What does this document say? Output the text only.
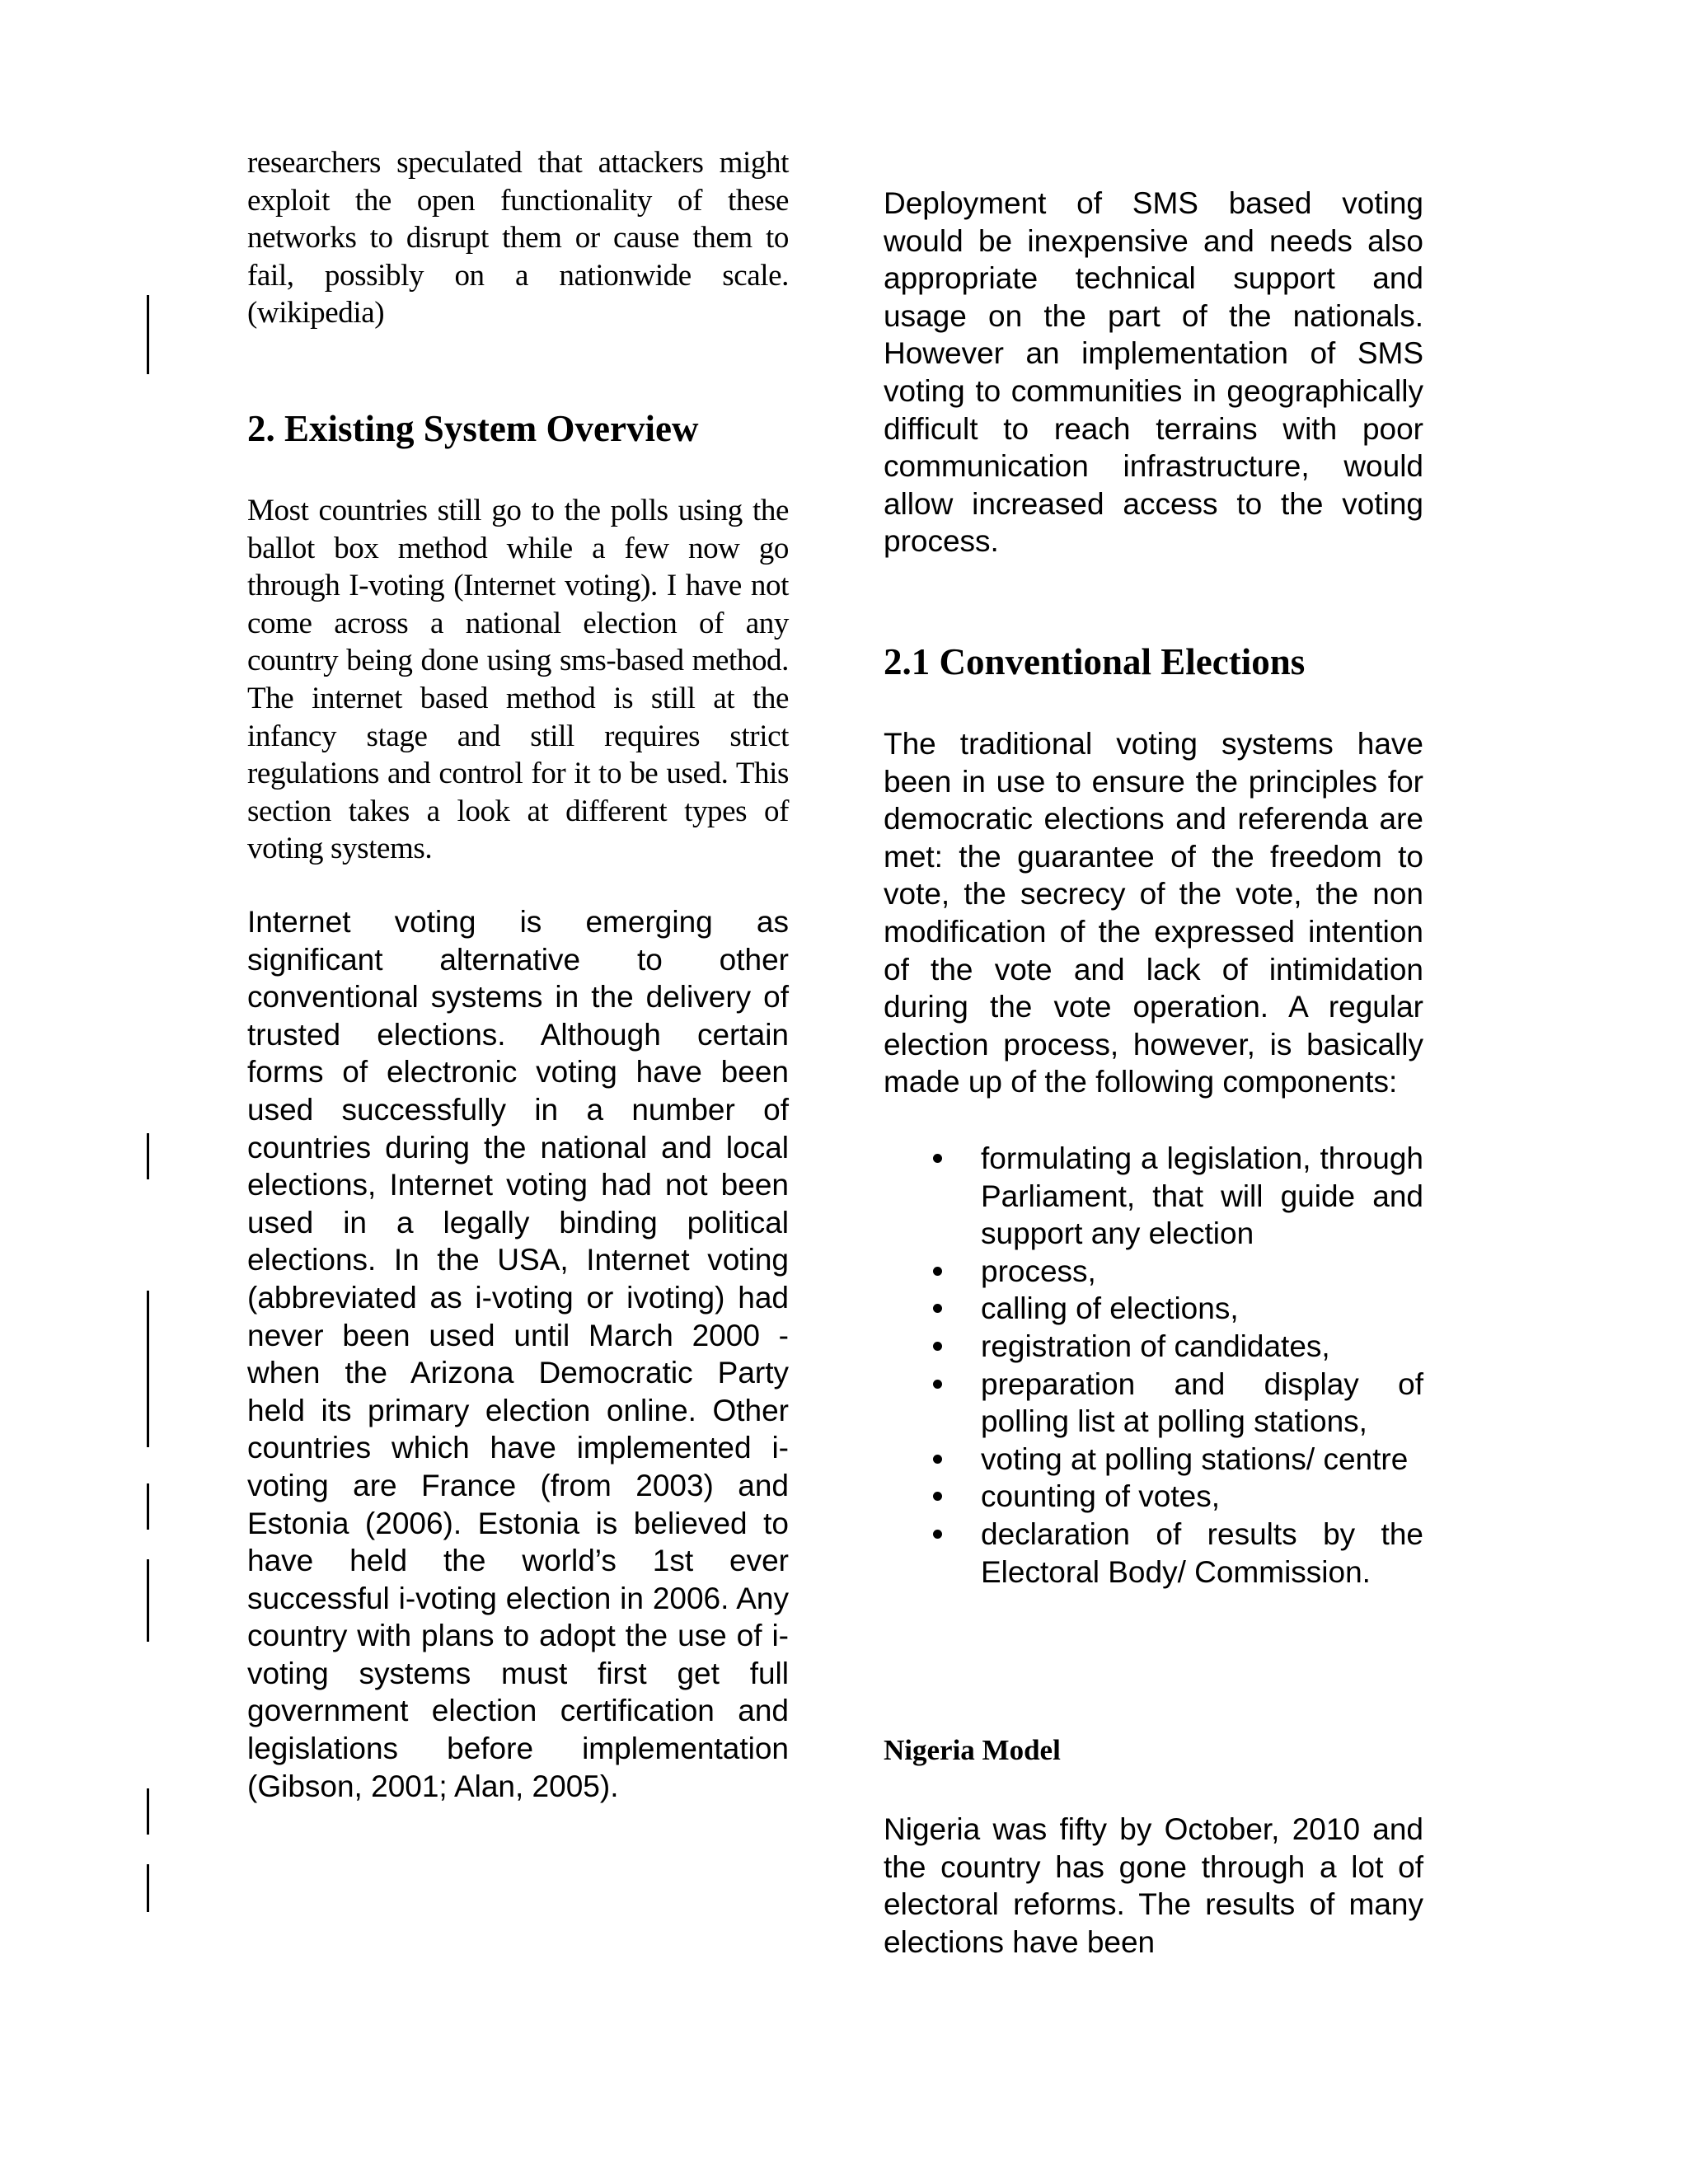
researchers speculated that attackers might exploit the open functionality of these networks to disrupt them or cause them to fail, possibly on a nationwide scale. (wikipedia)

2. Existing System Overview

Most countries still go to the polls using the ballot box method while a few now go through I-voting (Internet voting). I have not come across a national election of any country being done using sms-based method. The internet based method is still at the infancy stage and still requires strict regulations and control for it to be used. This section takes a look at different types of voting systems.

Internet voting is emerging as significant alternative to other conventional systems in the delivery of trusted elections. Although certain forms of electronic voting have been used successfully in a number of countries during the national and local elections, Internet voting had not been used in a legally binding political elections. In the USA, Internet voting (abbreviated as i-voting or ivoting) had never been used until March 2000 - when the Arizona Democratic Party held its primary election online. Other countries which have implemented i-voting are France (from 2003) and Estonia (2006). Estonia is believed to have held the world’s 1st ever successful i-voting election in 2006. Any country with plans to adopt the use of i-voting systems must first get full government election certification and legislations before implementation (Gibson, 2001; Alan, 2005).

Deployment of SMS based voting would be inexpensive and needs also appropriate technical support and usage on the part of the nationals. However an implementation of SMS voting to communities in geographically difficult to reach terrains with poor communication infrastructure, would allow increased access to the voting process.

2.1 Conventional Elections

The traditional voting systems have been in use to ensure the principles for democratic elections and referenda are met: the guarantee of the freedom to vote, the secrecy of the vote, the non modification of the expressed intention of the vote and lack of intimidation during the vote operation. A regular election process, however, is basically made up of the following components:

formulating a legislation, through Parliament, that will guide and support any election
process,
calling of elections,
registration of candidates,
preparation and display of polling list at polling stations,
voting at polling stations/ centre
counting of votes,
declaration of results by the Electoral Body/ Commission.
Nigeria Model

Nigeria was fifty by October, 2010 and the country has gone through a lot of electoral reforms. The results of many elections have been
